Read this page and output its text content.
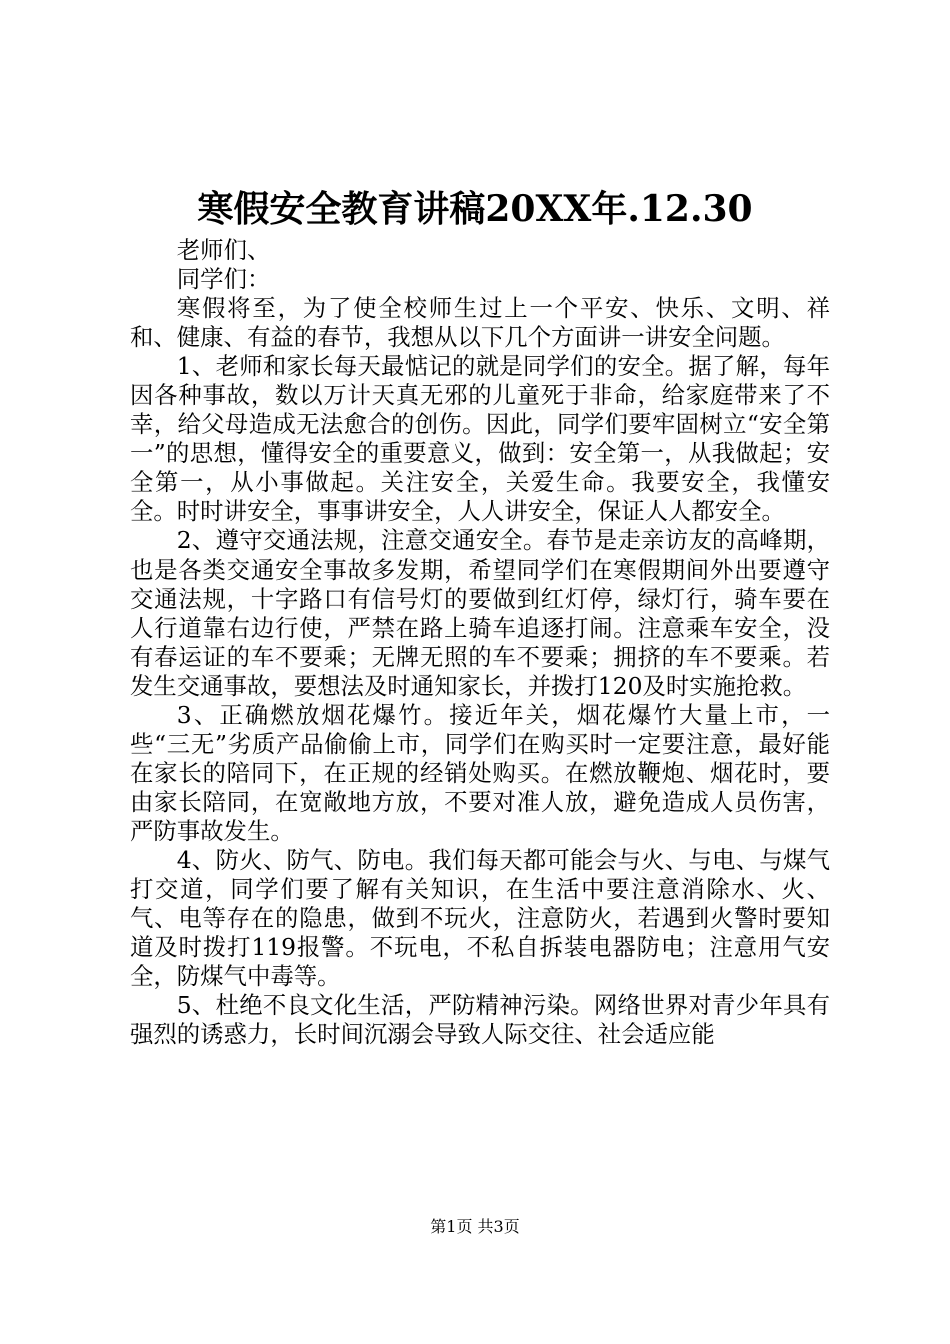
寒假安全教育讲稿20XX年.12.30

老师们、

同学们：

寒假将至，为了使全校师生过上一个平安、快乐、文明、祥和、健康、有益的春节，我想从以下几个方面讲一讲安全问题。

1、老师和家长每天最惦记的就是同学们的安全。据了解，每年因各种事故，数以万计天真无邪的儿童死于非命，给家庭带来了不幸，给父母造成无法愈合的创伤。因此，同学们要牢固树立“安全第一”的思想，懂得安全的重要意义，做到：安全第一，从我做起；安全第一，从小事做起。关注安全，关爱生命。我要安全，我懂安全。时时讲安全，事事讲安全，人人讲安全，保证人人都安全。

2、遵守交通法规，注意交通安全。春节是走亲访友的高峰期，也是各类交通安全事故多发期，希望同学们在寒假期间外出要遵守交通法规，十字路口有信号灯的要做到红灯停，绿灯行，骑车要在人行道靠右边行使，严禁在路上骑车追逐打闹。注意乘车安全，没有春运证的车不要乘；无牌无照的车不要乘；拥挤的车不要乘。若发生交通事故，要想法及时通知家长，并拨打120及时实施抢救。

3、正确燃放烟花爆竹。接近年关，烟花爆竹大量上市，一些“三无”劣质产品偷偷上市，同学们在购买时一定要注意，最好能在家长的陪同下，在正规的经销处购买。在燃放鞭炮、烟花时，要由家长陪同，在宽敞地方放，不要对准人放，避免造成人员伤害，严防事故发生。

4、防火、防气、防电。我们每天都可能会与火、与电、与煤气打交道，同学们要了解有关知识，在生活中要注意消除水、火、气、电等存在的隐患，做到不玩火，注意防火，若遇到火警时要知道及时拨打119报警。不玩电，不私自拆装电器防电；注意用气安全，防煤气中毒等。

5、杜绝不良文化生活，严防精神污染。网络世界对青少年具有强烈的诱惑力，长时间沉溺会导致人际交往、社会适应能

第1页 共3页
